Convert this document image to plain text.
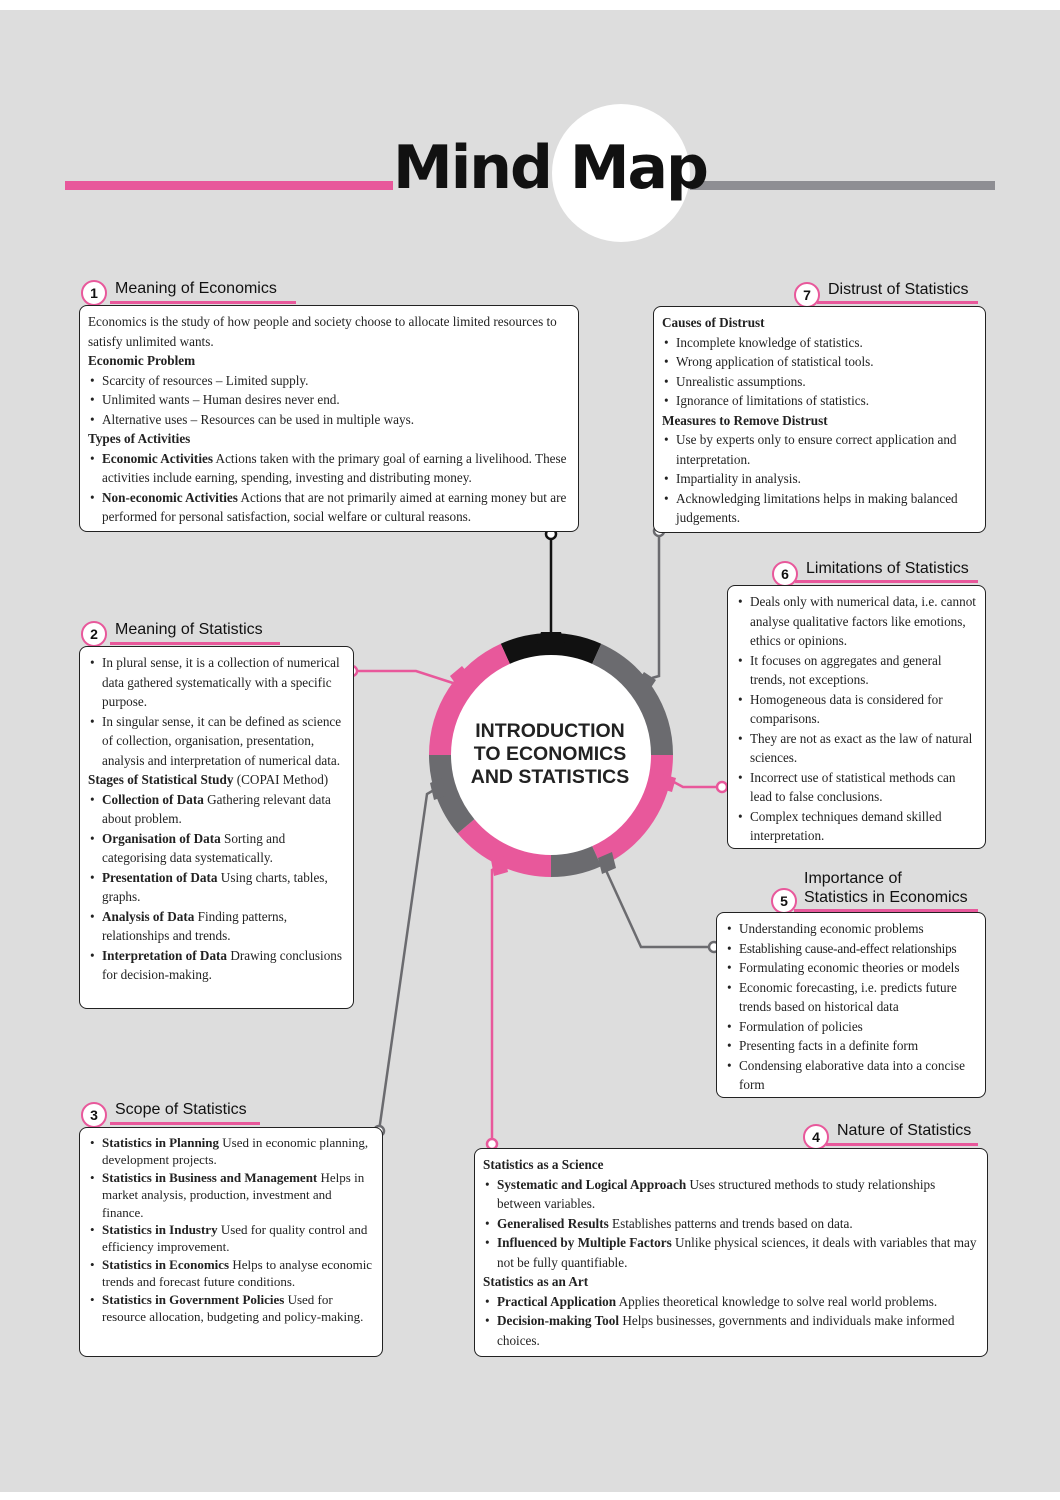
Mind Map
INTRODUCTION
TO ECONOMICS
AND STATISTICS
1	Meaning of Economics

Economics is the study of how people and society choose to allocate limited resources to satisfy unlimited wants.

Economic Problem

• Scarcity of resources – Limited supply.
• Unlimited wants – Human desires never end.
• Alternative uses – Resources can be used in multiple ways.

Types of Activities

• Economic Activities Actions taken with the primary goal of earning a livelihood. These activities include earning, spending, investing and distributing money.
• Non-economic Activities Actions that are not primarily aimed at earning money but are performed for personal satisfaction, social welfare or cultural reasons.
2	Meaning of Statistics
• In plural sense, it is a collection of numerical data gathered systematically with a specific purpose.
• In singular sense, it can be defined as science of collection, organisation, presentation, analysis and interpretation of numerical data.

Stages of Statistical Study (COPAI Method)

• Collection of Data Gathering relevant data about problem.
• Organisation of Data Sorting and categorising data systematically.
• Presentation of Data Using charts, tables, graphs.
• Analysis of Data Finding patterns, relationships and trends.
• Interpretation of Data Drawing conclusions for decision-making.
3	Scope of Statistics
• Statistics in Planning Used in economic planning, development projects.
• Statistics in Business and Management Helps in market analysis, production, investment and finance.
• Statistics in Industry Used for quality control and efficiency improvement.
• Statistics in Economics Helps to analyse economic trends and forecast future conditions.
• Statistics in Government Policies Used for resource allocation, budgeting and policy-making.
Nature of Statistics
4

Statistics as a Science

• Systematic and Logical Approach Uses structured methods to study relationships between variables.
• Generalised Results Establishes patterns and trends based on data.
• Influenced by Multiple Factors Unlike physical sciences, it deals with variables that may not be fully quantifiable.

Statistics as an Art

• Practical Application Applies theoretical knowledge to solve real world problems.
• Decision-making Tool Helps businesses, governments and individuals make informed choices.
Importance of
Statistics in Economics
5
• Understanding economic problems
• Establishing cause-and-effect relationships
• Formulating economic theories or models
• Economic forecasting, i.e. predicts future trends based on historical data
• Formulation of policies
• Presenting facts in a definite form
• Condensing elaborative data into a concise form
Limitations of Statistics
6
• Deals only with numerical data, i.e. cannot analyse qualitative factors like emotions, ethics or opinions.
• It focuses on aggregates and general trends, not exceptions.
• Homogeneous data is considered for comparisons.
• They are not as exact as the law of natural sciences.
• Incorrect use of statistical methods can lead to false conclusions.
• Complex techniques demand skilled interpretation.
Distrust of Statistics
7

Causes of Distrust

• Incomplete knowledge of statistics.
• Wrong application of statistical tools.
• Unrealistic assumptions.
• Ignorance of limitations of statistics.

Measures to Remove Distrust

• Use by experts only to ensure correct application and interpretation.
• Impartiality in analysis.
• Acknowledging limitations helps in making balanced judgements.
